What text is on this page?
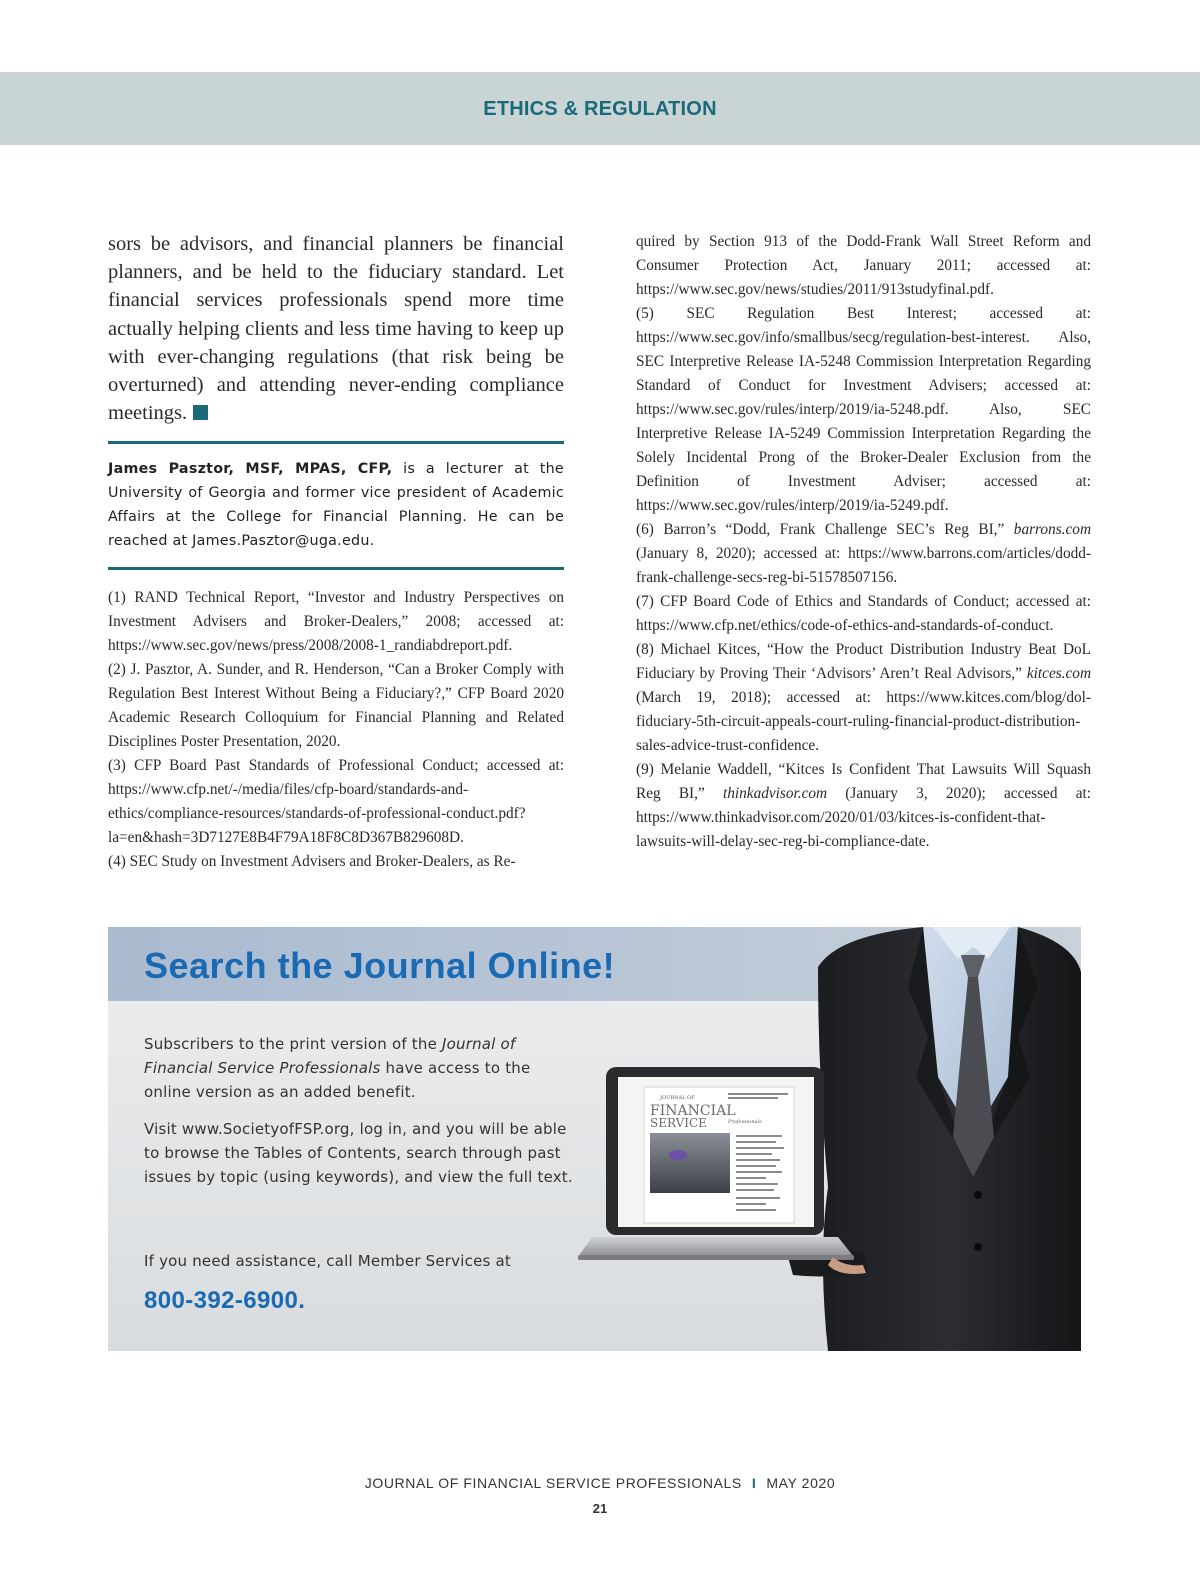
ETHICS & REGULATION

sors be advisors, and financial planners be financial planners, and be held to the fiduciary standard. Let financial services professionals spend more time actually helping clients and less time having to keep up with ever-changing regulations (that risk being be overturned) and attending never-ending compliance meetings.

James Pasztor, MSF, MPAS, CFP, is a lecturer at the University of Georgia and former vice president of Academic Affairs at the College for Financial Planning. He can be reached at James.Pasztor@uga.edu.

(1) RAND Technical Report, “Investor and Industry Perspectives on Investment Advisers and Broker-Dealers,” 2008; accessed at: https://www.sec.gov/news/press/2008/2008-1_randiabdreport.pdf.
(2) J. Pasztor, A. Sunder, and R. Henderson, “Can a Broker Comply with Regulation Best Interest Without Being a Fiduciary?,” CFP Board 2020 Academic Research Colloquium for Financial Planning and Related Disciplines Poster Presentation, 2020.
(3) CFP Board Past Standards of Professional Conduct; accessed at: https://www.cfp.net/-/media/files/cfp-board/standards-and-ethics/compliance-resources/standards-of-professional-conduct.pdf?la=en&hash=3D7127E8B4F79A18F8C8D367B829608D.
(4) SEC Study on Investment Advisers and Broker-Dealers, as Re-
quired by Section 913 of the Dodd-Frank Wall Street Reform and Consumer Protection Act, January 2011; accessed at: https://www.sec.gov/news/studies/2011/913studyfinal.pdf.
(5) SEC Regulation Best Interest; accessed at: https://www.sec.gov/info/smallbus/secg/regulation-best-interest. Also, SEC Interpretive Release IA-5248 Commission Interpretation Regarding Standard of Conduct for Investment Advisers; accessed at: https://www.sec.gov/rules/interp/2019/ia-5248.pdf. Also, SEC Interpretive Release IA-5249 Commission Interpretation Regarding the Solely Incidental Prong of the Broker-Dealer Exclusion from the Definition of Investment Adviser; accessed at: https://www.sec.gov/rules/interp/2019/ia-5249.pdf.
(6) Barron’s “Dodd, Frank Challenge SEC’s Reg BI,” barrons.com (January 8, 2020); accessed at: https://www.barrons.com/articles/dodd-frank-challenge-secs-reg-bi-51578507156.
(7) CFP Board Code of Ethics and Standards of Conduct; accessed at: https://www.cfp.net/ethics/code-of-ethics-and-standards-of-conduct.
(8) Michael Kitces, “How the Product Distribution Industry Beat DoL Fiduciary by Proving Their ‘Advisors’ Aren’t Real Advisors,” kitces.com (March 19, 2018); accessed at: https://www.kitces.com/blog/dol-fiduciary-5th-circuit-appeals-court-ruling-financial-product-distribution-sales-advice-trust-confidence.
(9) Melanie Waddell, “Kitces Is Confident That Lawsuits Will Squash Reg BI,” thinkadvisor.com (January 3, 2020); accessed at: https://www.thinkadvisor.com/2020/01/03/kitces-is-confident-that-lawsuits-will-delay-sec-reg-bi-compliance-date.
Search the Journal Online!

Subscribers to the print version of the Journal of Financial Service Professionals have access to the online version as an added benefit.

Visit www.SocietyofFSP.org, log in, and you will be able to browse the Tables of Contents, search through past issues by topic (using keywords), and view the full text.

If you need assistance, call Member Services at

800-392-6900.
JOURNAL OF
FINANCIAL
SERVICE	Professionals
JOURNAL OF FINANCIAL SERVICE PROFESSIONALS I MAY 2020
21
